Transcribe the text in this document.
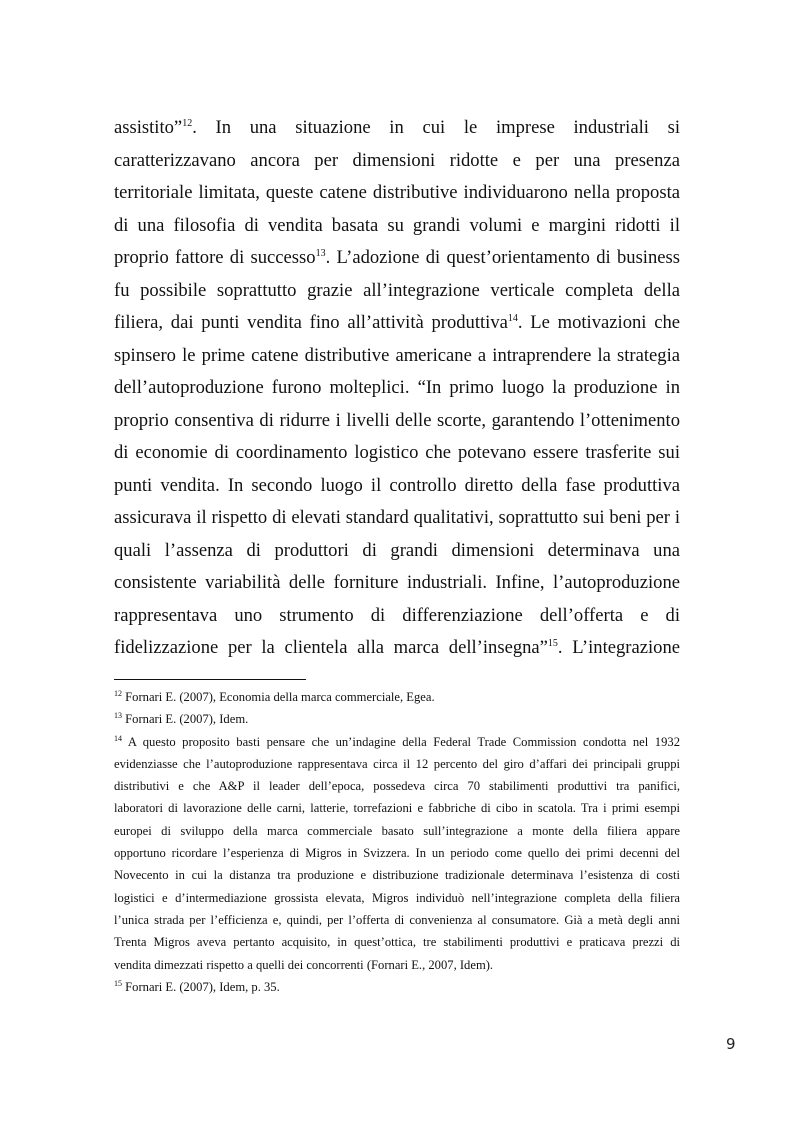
assistito”$^{12}$. In una situazione in cui le imprese industriali si
caratterizzavano ancora per dimensioni ridotte e per una presenza
territoriale limitata, queste catene distributive individuarono nella proposta
di una filosofia di vendita basata su grandi volumi e margini ridotti il
proprio fattore di successo$^{13}$. L’adozione di quest’orientamento di business
fu possibile soprattutto grazie all’integrazione verticale completa della
filiera, dai punti vendita fino all’attività produttiva$^{14}$. Le motivazioni che
spinsero le prime catene distributive americane a intraprendere la strategia
dell’autoproduzione furono molteplici. “In primo luogo la produzione in
proprio consentiva di ridurre i livelli delle scorte, garantendo l’ottenimento
di economie di coordinamento logistico che potevano essere trasferite sui
punti vendita. In secondo luogo il controllo diretto della fase produttiva
assicurava il rispetto di elevati standard qualitativi, soprattutto sui beni per i
quali l’assenza di produttori di grandi dimensioni determinava una
consistente variabilità delle forniture industriali. Infine, l’autoproduzione
rappresentava uno strumento di differenziazione dell’offerta e di
fidelizzazione per la clientela alla marca dell’insegna”$^{15}$. L’integrazione
$^{12}$ Fornari E. (2007), Economia della marca commerciale, Egea.
$^{13}$ Fornari E. (2007), Idem.
$^{14}$ A questo proposito basti pensare che un’indagine della Federal Trade Commission condotta nel 1932
evidenziasse che l’autoproduzione rappresentava circa il 12 percento del giro d’affari dei principali gruppi
distributivi e che A&P il leader dell’epoca, possedeva circa 70 stabilimenti produttivi tra panifici,
laboratori di lavorazione delle carni, latterie, torrefazioni e fabbriche di cibo in scatola. Tra i primi esempi
europei di sviluppo della marca commerciale basato sull’integrazione a monte della filiera appare
opportuno ricordare l’esperienza di Migros in Svizzera. In un periodo come quello dei primi decenni del
Novecento in cui la distanza tra produzione e distribuzione tradizionale determinava l’esistenza di costi
logistici e d’intermediazione grossista elevata, Migros individuò nell’integrazione completa della filiera
l’unica strada per l’efficienza e, quindi, per l’offerta di convenienza al consumatore. Già a metà degli anni
Trenta Migros aveva pertanto acquisito, in quest’ottica, tre stabilimenti produttivi e praticava prezzi di
vendita dimezzati rispetto a quelli dei concorrenti (Fornari E., 2007, Idem).
$^{15}$ Fornari E. (2007), Idem, p. 35.
9
